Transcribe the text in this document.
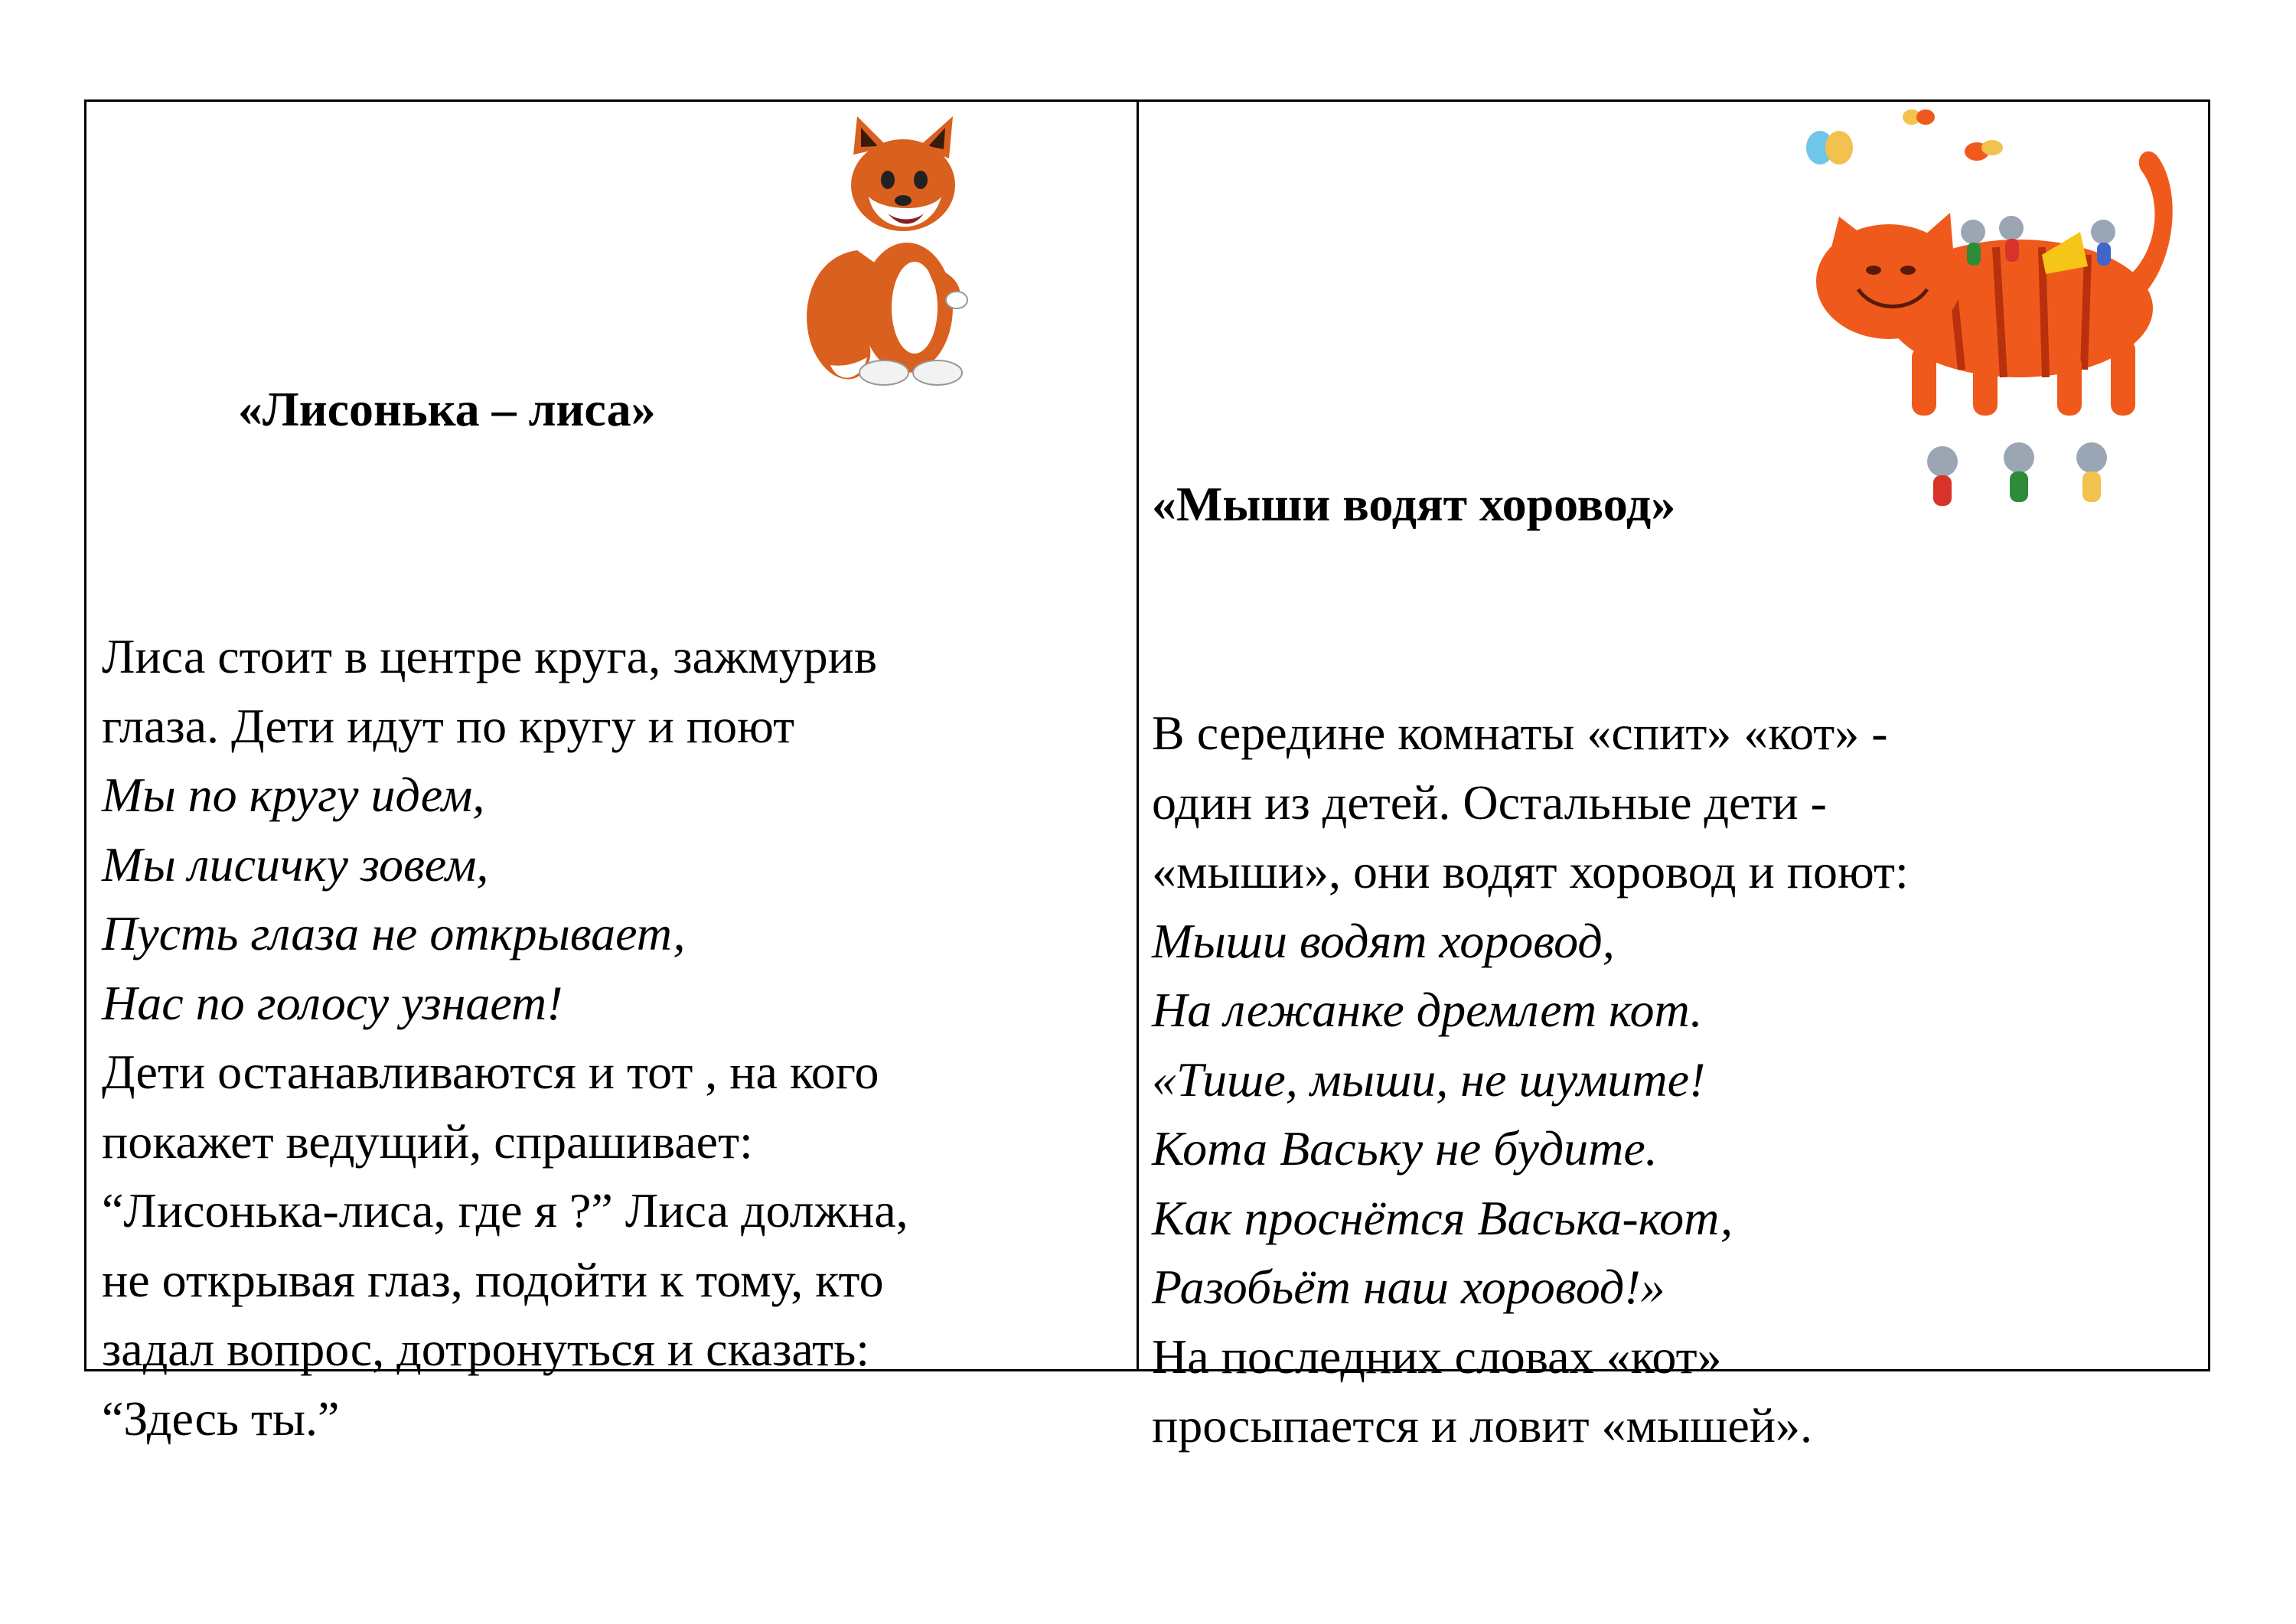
«Лисонька – лиса»
Лиса стоит в центре круга, зажмурив
глаза. Дети идут по кругу и поют
Мы по кругу идем,
Мы лисичку зовем,
Пусть глаза не открывает,
Нас по голосу узнает!
Дети останавливаются и тот , на кого
покажет ведущий, спрашивает:
“Лисонька-лиса, где я ?” Лиса должна,
не открывая глаз, подойти к тому, кто
задал вопрос, дотронуться и сказать:
“Здесь ты.”
«Мыши водят хоровод»
В середине комнаты «спит» «кот» -
один из детей. Остальные дети -
«мыши», они водят хоровод и поют:
Мыши водят хоровод,
На лежанке дремлет кот.
«Тише, мыши, не шумите!
Кота Ваську не будите.
Как проснётся Васька-кот,
Разобьёт наш хоровод!»
На последних словах «кот»
просыпается и ловит «мышей».
